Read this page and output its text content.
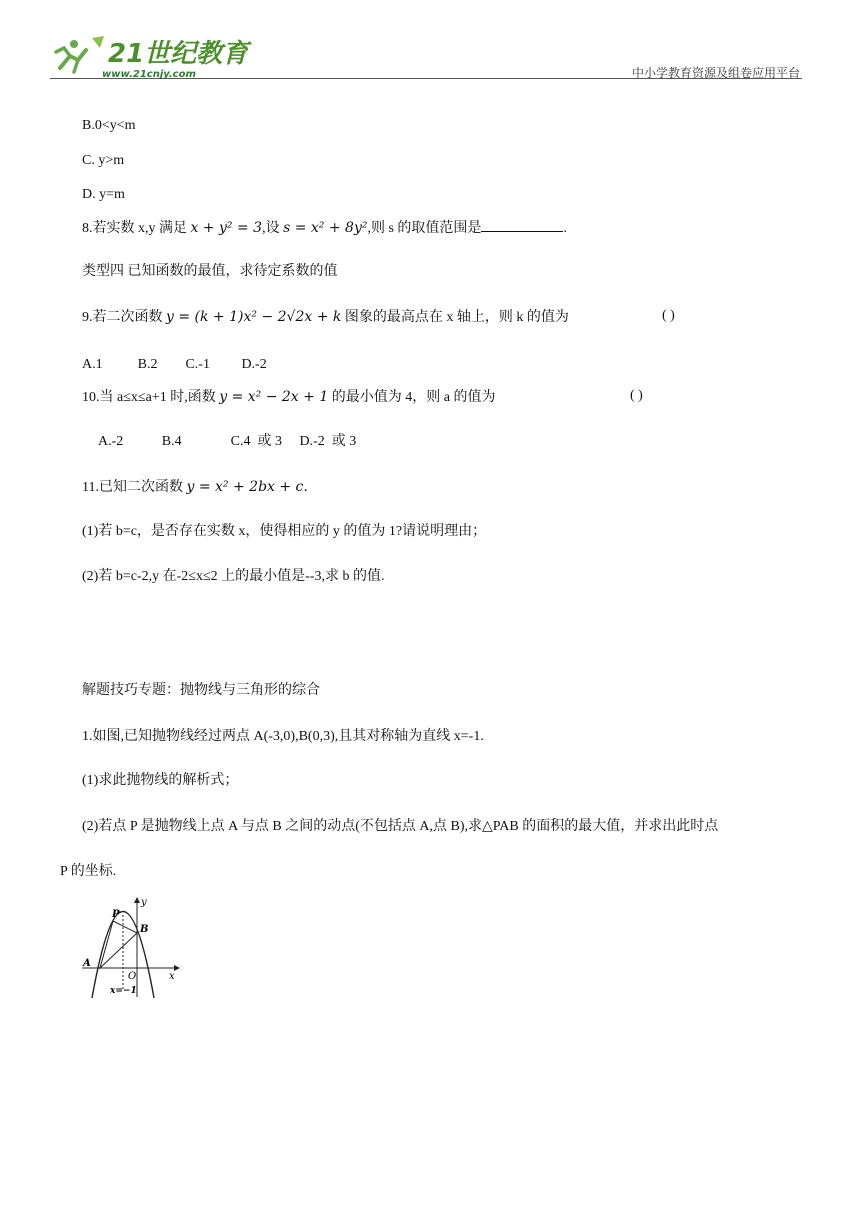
21世纪教育
www.21cnjy.com	中小学教育资源及组卷应用平台
B.0<y<m
C. y>m
D. y=m
8.若实数 x,y 满足 x + y² = 3,设 s = x² + 8y²,则 s 的取值范围是	.
类型四 已知函数的最值，求待定系数的值
9.若二次函数 y = (k + 1)x² − 2√2x + k 图象的最高点在 x 轴上，则 k 的值为	( )
A.1          B.2        C.-1         D.-2
10.当 a≤x≤a+1 时,函数 y = x² − 2x + 1 的最小值为 4，则 a 的值为	( )
A.-2           B.4              C.4  或 3     D.-2  或 3
11.已知二次函数 y = x² + 2bx + c.
(1)若 b=c，是否存在实数 x，使得相应的 y 的值为 1?请说明理由；
(2)若 b=c-2,y 在-2≤x≤2 上的最小值是--3,求 b 的值.
解题技巧专题：抛物线与三角形的综合
1.如图,已知抛物线经过两点 A(-3,0),B(0,3),且其对称轴为直线 x=-1.
(1)求此抛物线的解析式；
(2)若点 P 是抛物线上点 A 与点 B 之间的动点(不包括点 A,点 B),求△PAB 的面积的最大值，并求出此时点
P 的坐标.
A
P
B
O	x
y
x=−1
